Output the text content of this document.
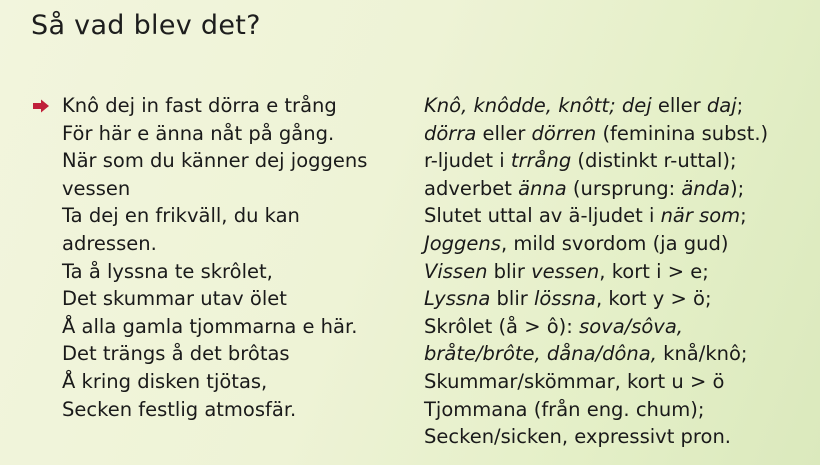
Så vad blev det?
Knô dej in fast dörra e trång
För här e änna nåt på gång.
När som du känner dej joggens
vessen
Ta dej en frikväll, du kan
adressen.
Ta å lyssna te skrôlet,
Det skummar utav ölet
Å alla gamla tjommarna e här.
Det trängs å det brôtas
Å kring disken tjötas,
Secken festlig atmosfär.
Knô, knôdde, knôtt; dej eller daj;
dörra eller dörren (feminina subst.)
r-ljudet i trrång (distinkt r-uttal);
adverbet änna (ursprung: ända);
Slutet uttal av ä-ljudet i när som;
Joggens, mild svordom (ja gud)
Vissen blir vessen, kort i > e;
Lyssna blir lössna, kort y > ö;
Skrôlet (å > ô): sova/sôva,
bråte/brôte, dåna/dôna, knå/knô;
Skummar/skömmar, kort u > ö
Tjommana (från eng. chum);
Secken/sicken, expressivt pron.
